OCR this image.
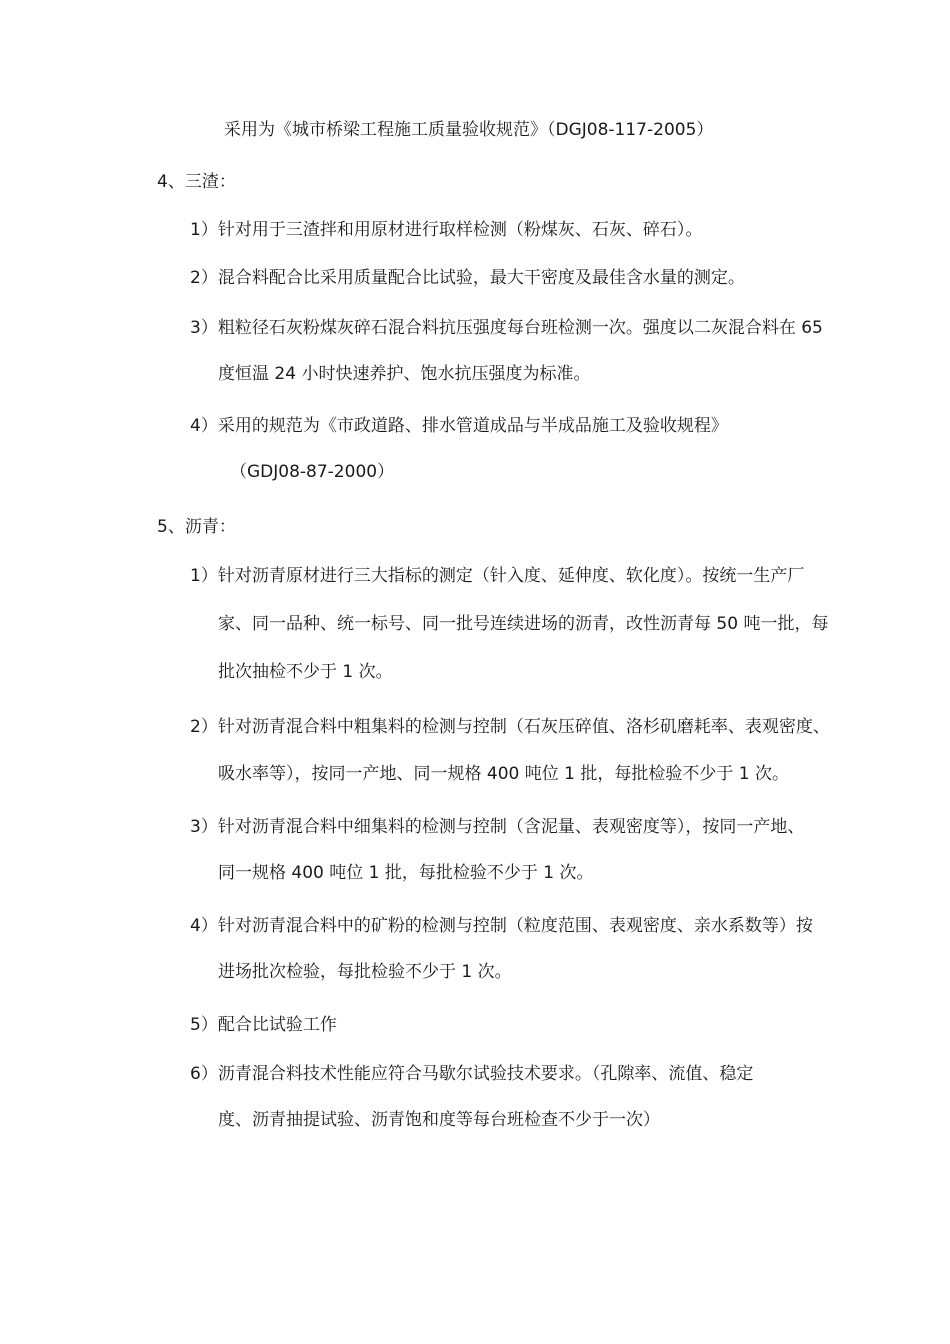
采用为《城市桥梁工程施工质量验收规范》（DGJ08-117-2005）
4、三渣：
1）针对用于三渣拌和用原材进行取样检测（粉煤灰、石灰、碎石）。
2）混合料配合比采用质量配合比试验，最大干密度及最佳含水量的测定。
3）粗粒径石灰粉煤灰碎石混合料抗压强度每台班检测一次。强度以二灰混合料在 65
度恒温 24 小时快速养护、饱水抗压强度为标准。
4）采用的规范为《市政道路、排水管道成品与半成品施工及验收规程》
（GDJ08-87-2000）
5、沥青：
1）针对沥青原材进行三大指标的测定（针入度、延伸度、软化度）。按统一生产厂
家、同一品种、统一标号、同一批号连续进场的沥青，改性沥青每 50 吨一批，每
批次抽检不少于 1 次。
2）针对沥青混合料中粗集料的检测与控制（石灰压碎值、洛杉矶磨耗率、表观密度、
吸水率等），按同一产地、同一规格 400 吨位 1 批，每批检验不少于 1 次。
3）针对沥青混合料中细集料的检测与控制（含泥量、表观密度等），按同一产地、
同一规格 400 吨位 1 批，每批检验不少于 1 次。
4）针对沥青混合料中的矿粉的检测与控制（粒度范围、表观密度、亲水系数等）按
进场批次检验，每批检验不少于 1 次。
5）配合比试验工作
6）沥青混合料技术性能应符合马歇尔试验技术要求。（孔隙率、流值、稳定
度、沥青抽提试验、沥青饱和度等每台班检查不少于一次）
